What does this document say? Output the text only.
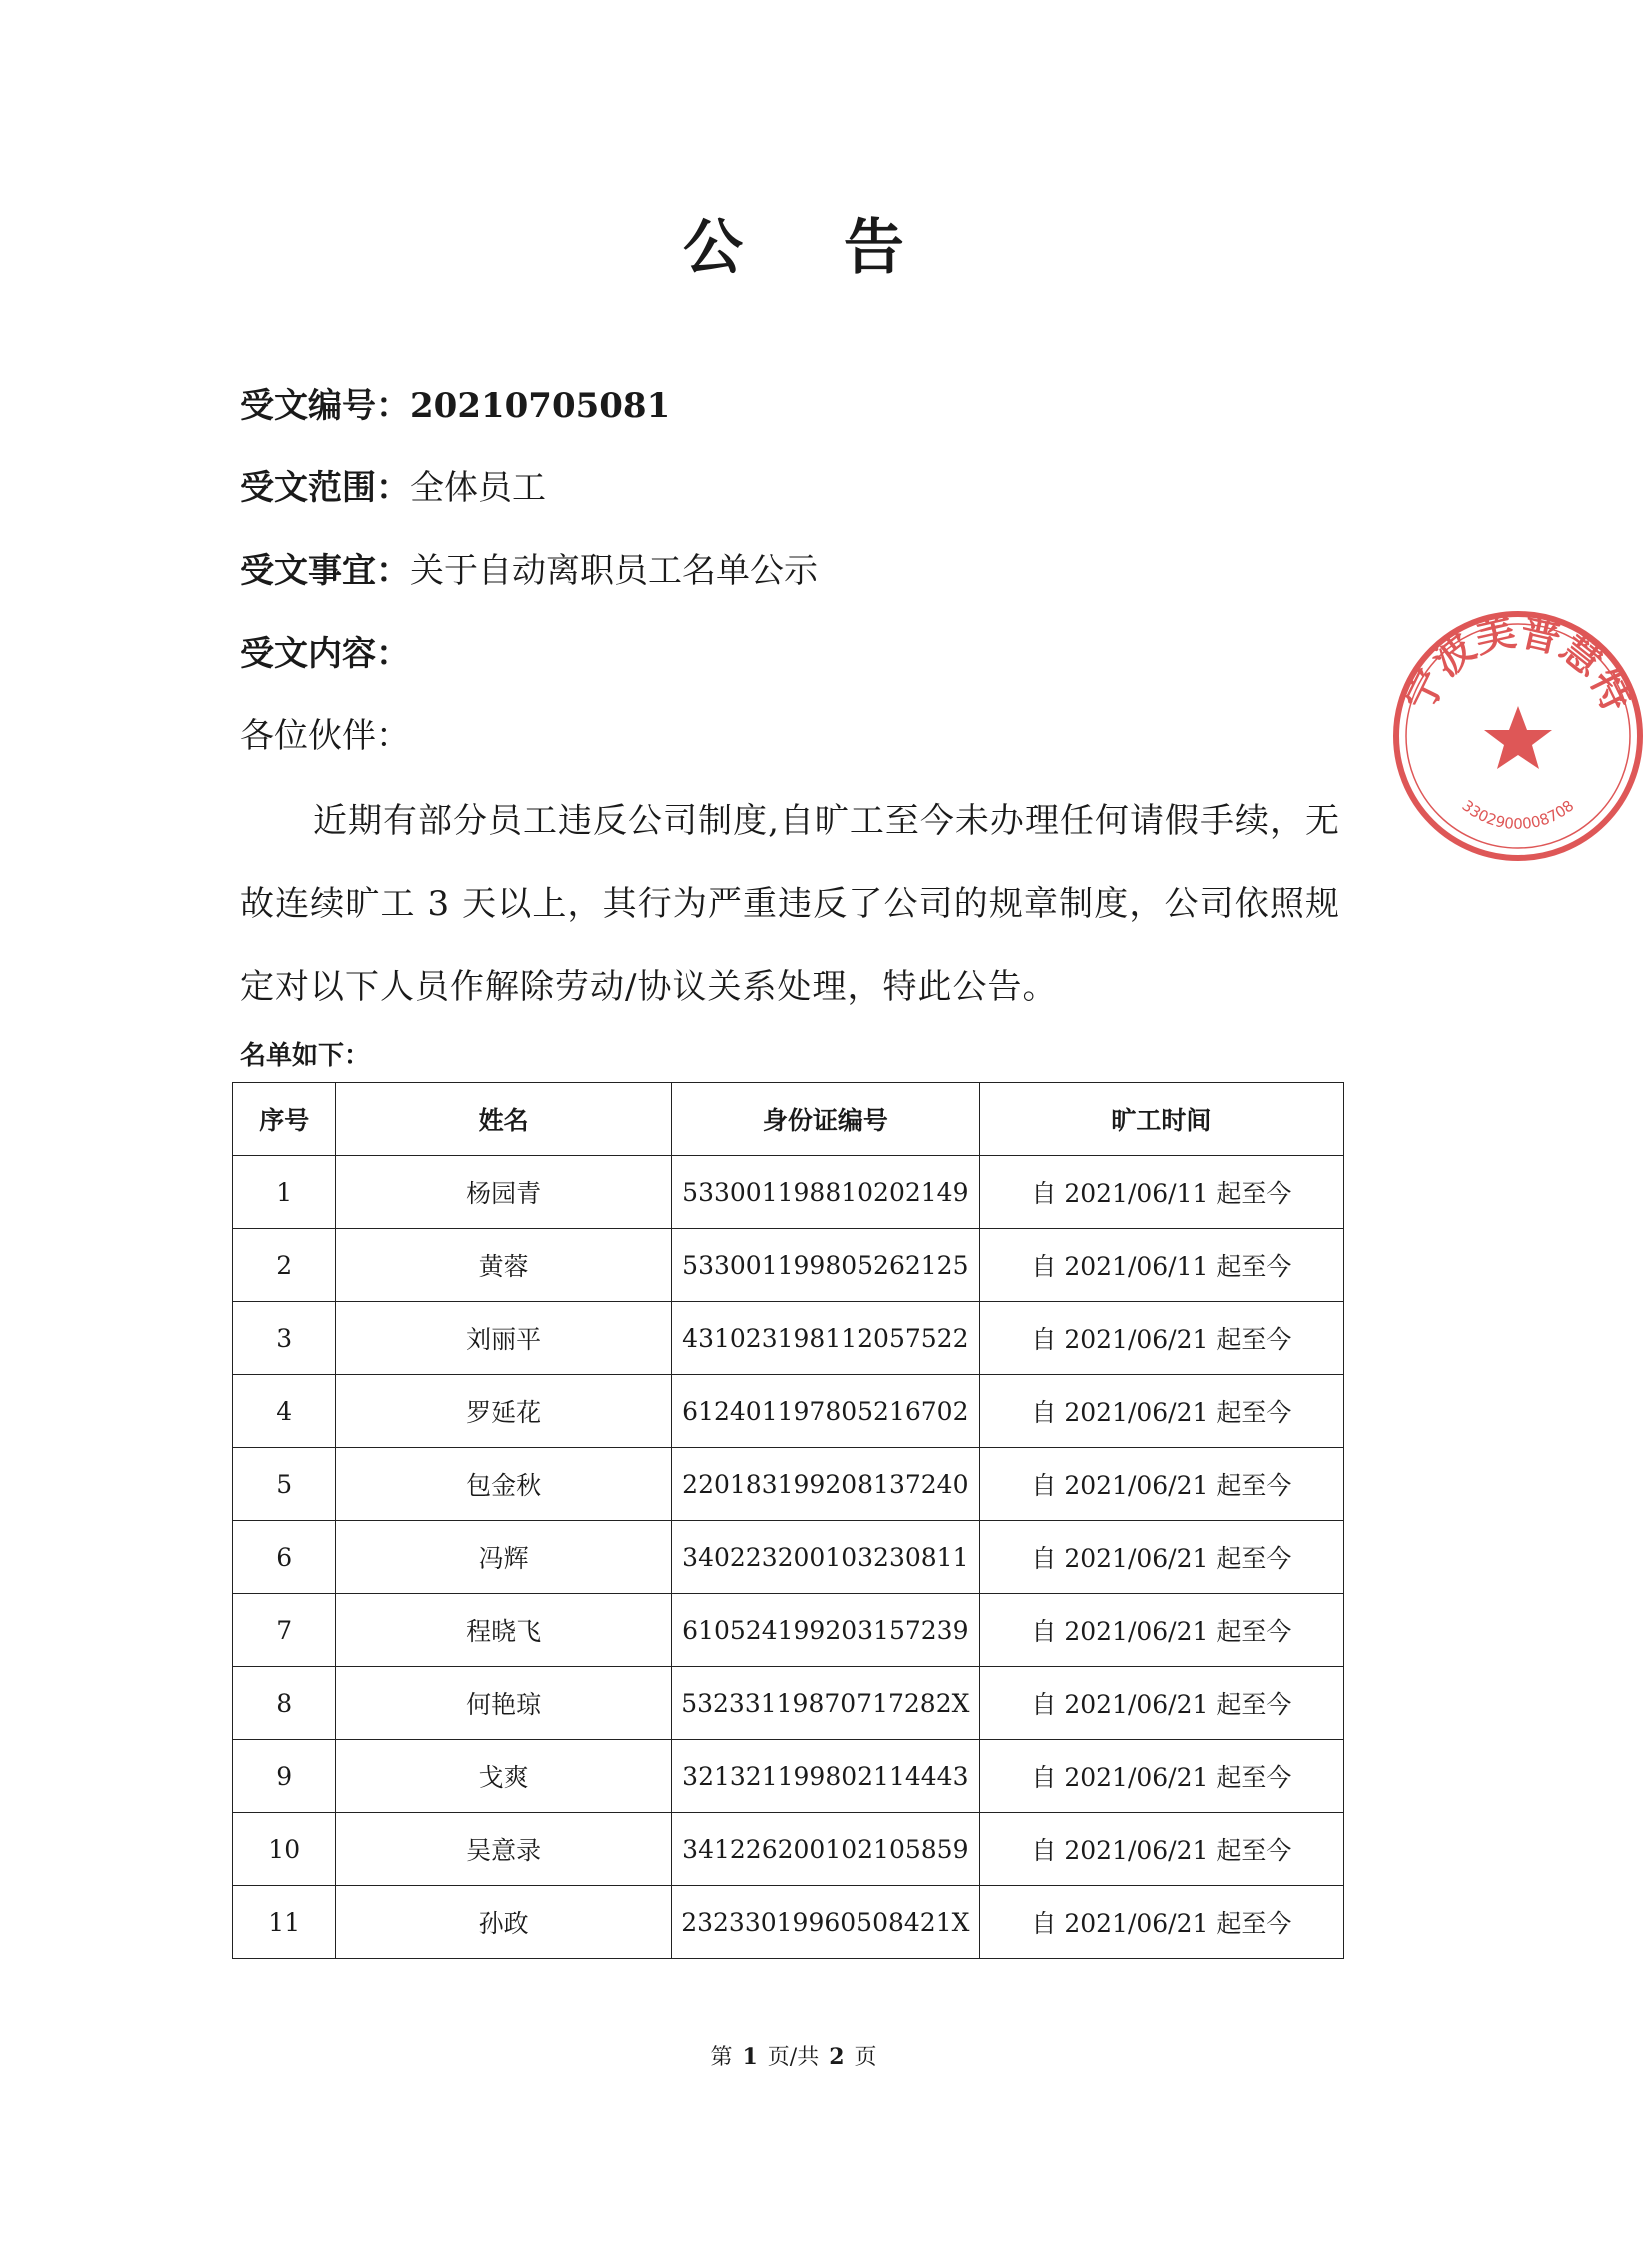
公 告
受文编号：20210705081
受文范围：全体员工
受文事宜：关于自动离职员工名单公示
受文内容：
各位伙伴：
近期有部分员工违反公司制度,自旷工至今未办理任何请假手续，无故连续旷工 3 天以上，其行为严重违反了公司的规章制度，公司依照规定对以下人员作解除劳动/协议关系处理，特此公告。
名单如下：
序号	姓名	身份证编号	旷工时间
1	杨园青	533001198810202149	自 2021/06/11 起至今
2	黄蓉	533001199805262125	自 2021/06/11 起至今
3	刘丽平	431023198112057522	自 2021/06/21 起至今
4	罗延花	612401197805216702	自 2021/06/21 起至今
5	包金秋	220183199208137240	自 2021/06/21 起至今
6	冯辉	340223200103230811	自 2021/06/21 起至今
7	程晓飞	610524199203157239	自 2021/06/21 起至今
8	何艳琼	53233119870717282X	自 2021/06/21 起至今
9	戈爽	321321199802114443	自 2021/06/21 起至今
10	吴意录	341226200102105859	自 2021/06/21 起至今
11	孙政	23233019960508421X	自 2021/06/21 起至今
第 1 页/共 2 页
宁波美普慧特
3302900008708
